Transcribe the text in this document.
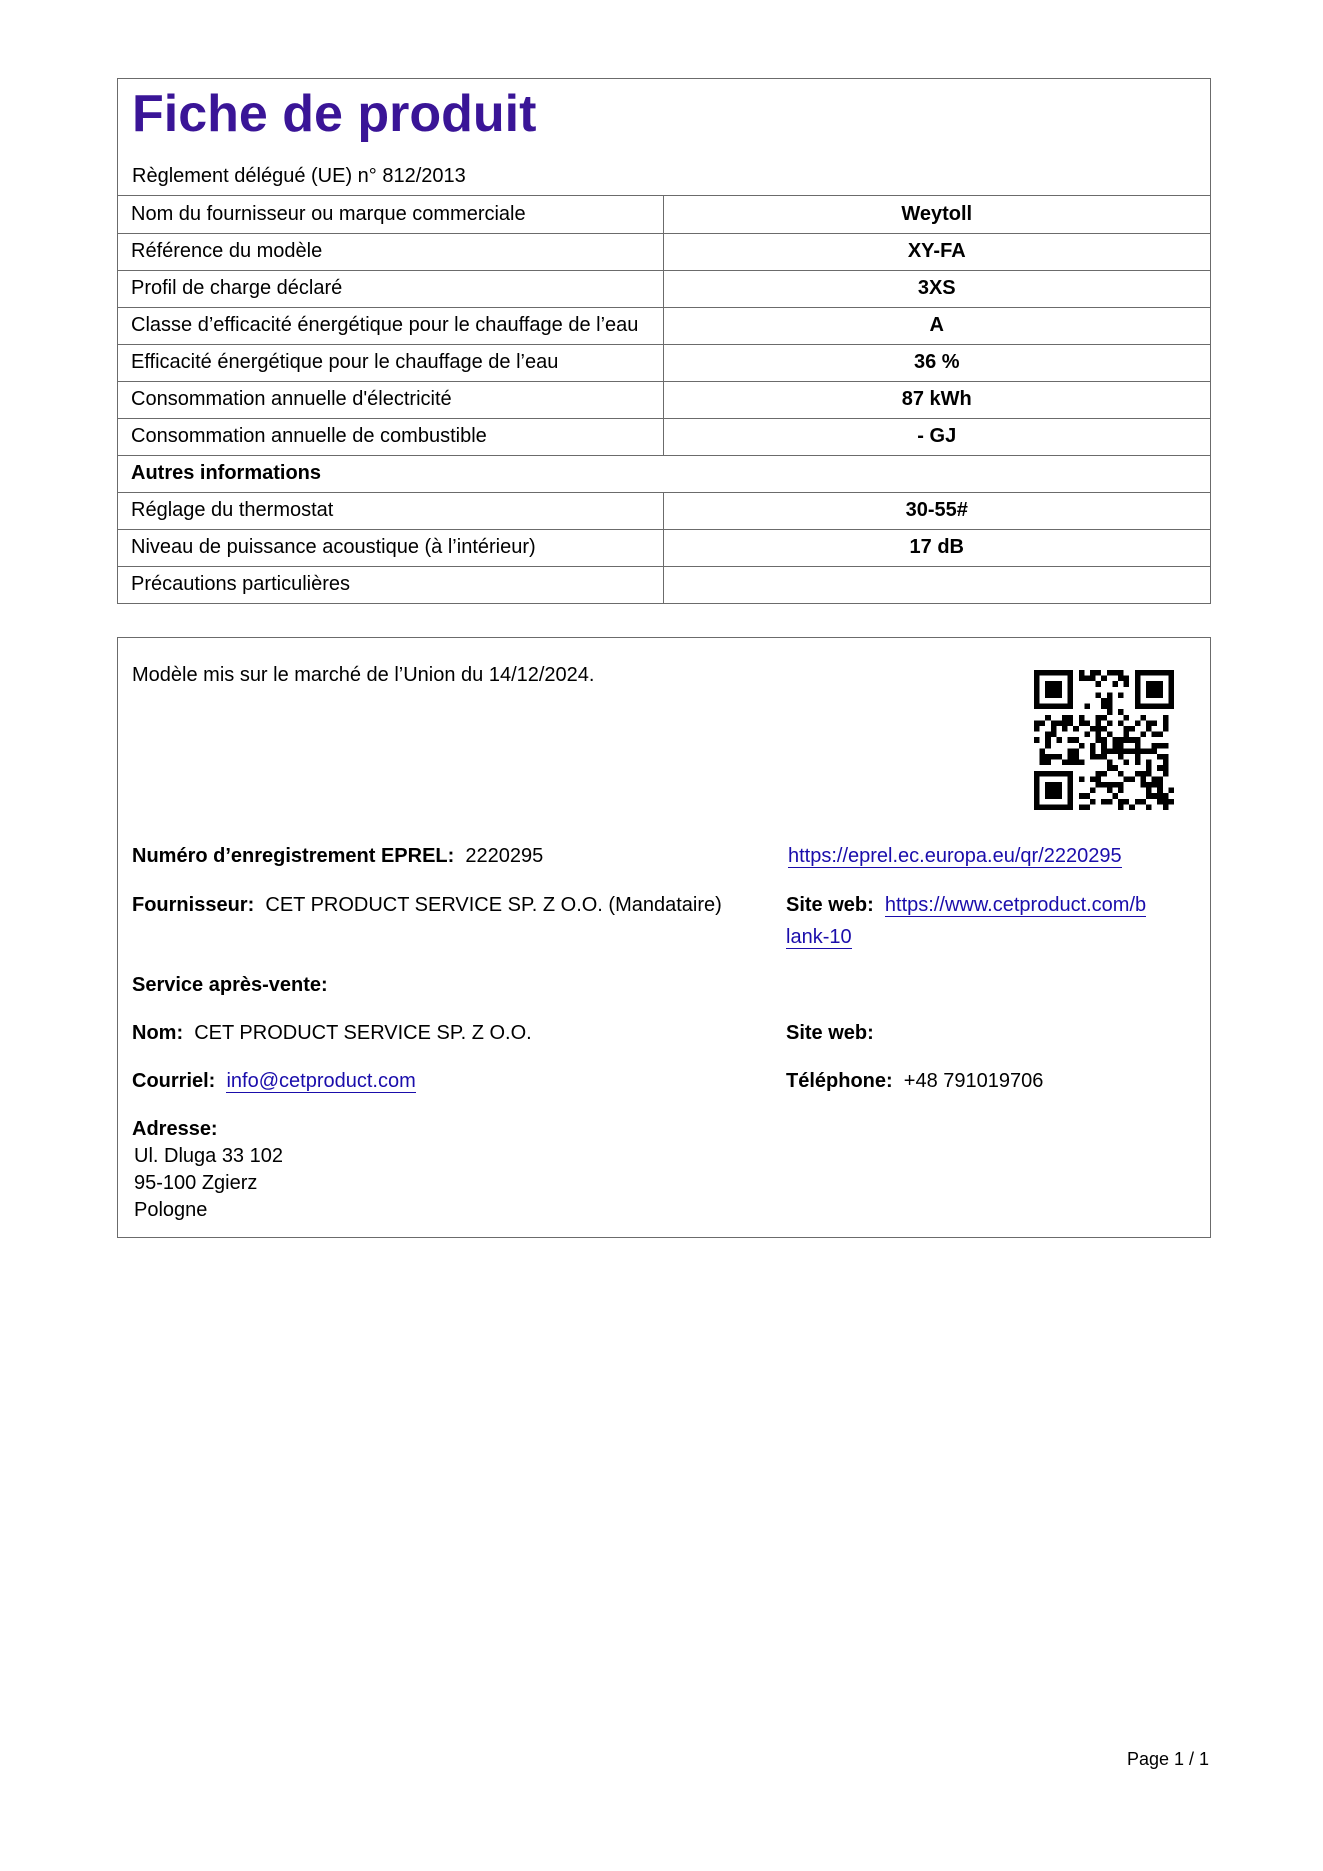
Fiche de produit

Règlement délégué (UE) n° 812/2013

Nom du fournisseur ou marque commerciale	Weytoll
Référence du modèle	XY-FA
Profil de charge déclaré	3XS
Classe d’efficacité énergétique pour le chauffage de l’eau	A
Efficacité énergétique pour le chauffage de l’eau	36 %
Consommation annuelle d'électricité	87 kWh
Consommation annuelle de combustible	- GJ
Autres informations	
Réglage du thermostat	30-55#
Niveau de puissance acoustique (à l’intérieur)	17 dB
Précautions particulières	
Modèle mis sur le marché de l’Union du 14/12/2024.
Numéro d’enregistrement EPREL: 2220295	https://eprel.ec.europa.eu/qr/2220295
Fournisseur: CET PRODUCT SERVICE SP. Z O.O. (Mandataire)	Site web: https://www.cetproduct.com/b
lank-10
Service après-vente:
Nom: CET PRODUCT SERVICE SP. Z O.O.	Site web:
Courriel: info@cetproduct.com	Téléphone: +48 791019706
Adresse:
Ul. Dluga 33 102
95-100 Zgierz
Pologne
Page 1 / 1
